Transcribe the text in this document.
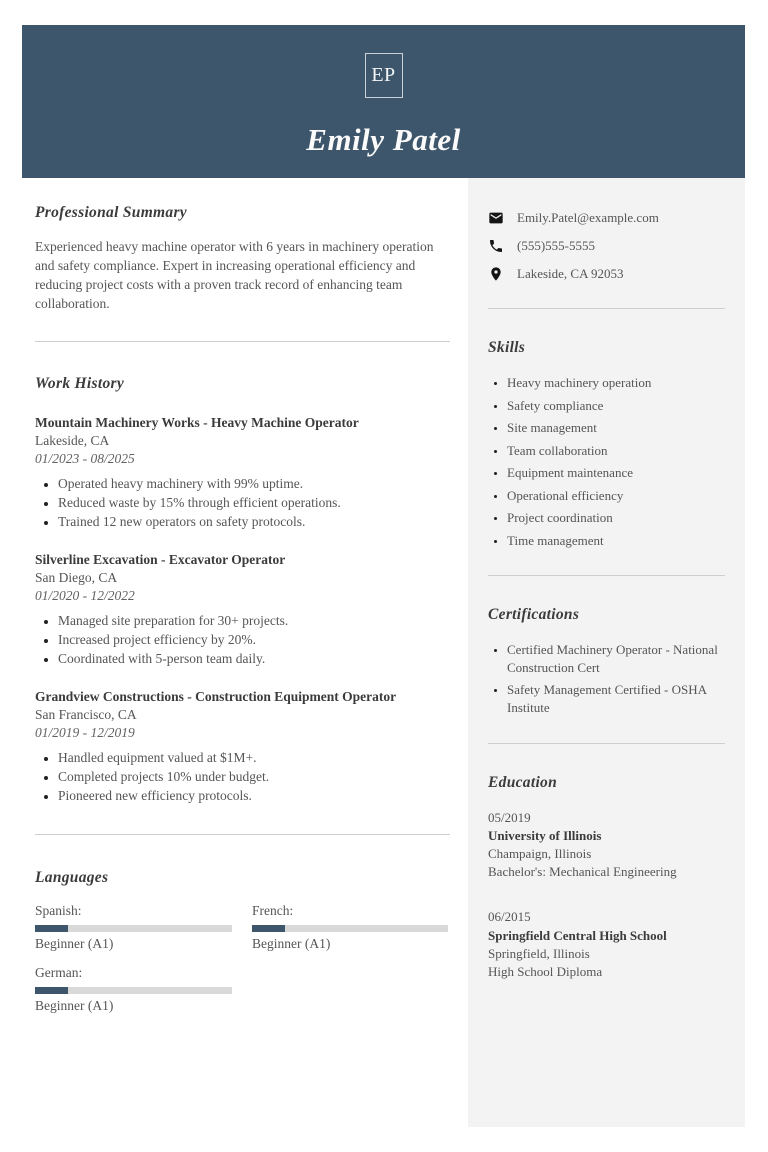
EP
Emily Patel
Professional Summary

Experienced heavy machine operator with 6 years in machinery operation and safety compliance. Expert in increasing operational efficiency and reducing project costs with a proven track record of enhancing team collaboration.

Work History
Mountain Machinery Works - Heavy Machine Operator
Lakeside, CA
01/2023 - 08/2025
• Operated heavy machinery with 99% uptime.
• Reduced waste by 15% through efficient operations.
• Trained 12 new operators on safety protocols.
Silverline Excavation - Excavator Operator
San Diego, CA
01/2020 - 12/2022
• Managed site preparation for 30+ projects.
• Increased project efficiency by 20%.
• Coordinated with 5-person team daily.
Grandview Constructions - Construction Equipment Operator
San Francisco, CA
01/2019 - 12/2019
• Handled equipment valued at $1M+.
• Completed projects 10% under budget.
• Pioneered new efficiency protocols.
Languages
Spanish:
Beginner (A1)
French:
Beginner (A1)
German:
Beginner (A1)
Emily.Patel@example.com
(555)555-5555
Lakeside, CA 92053
Skills
• Heavy machinery operation
• Safety compliance
• Site management
• Team collaboration
• Equipment maintenance
• Operational efficiency
• Project coordination
• Time management
Certifications
• Certified Machinery Operator - National Construction Cert
• Safety Management Certified - OSHA Institute
Education
05/2019
University of Illinois
Champaign, Illinois
Bachelor's: Mechanical Engineering
06/2015
Springfield Central High School
Springfield, Illinois
High School Diploma
